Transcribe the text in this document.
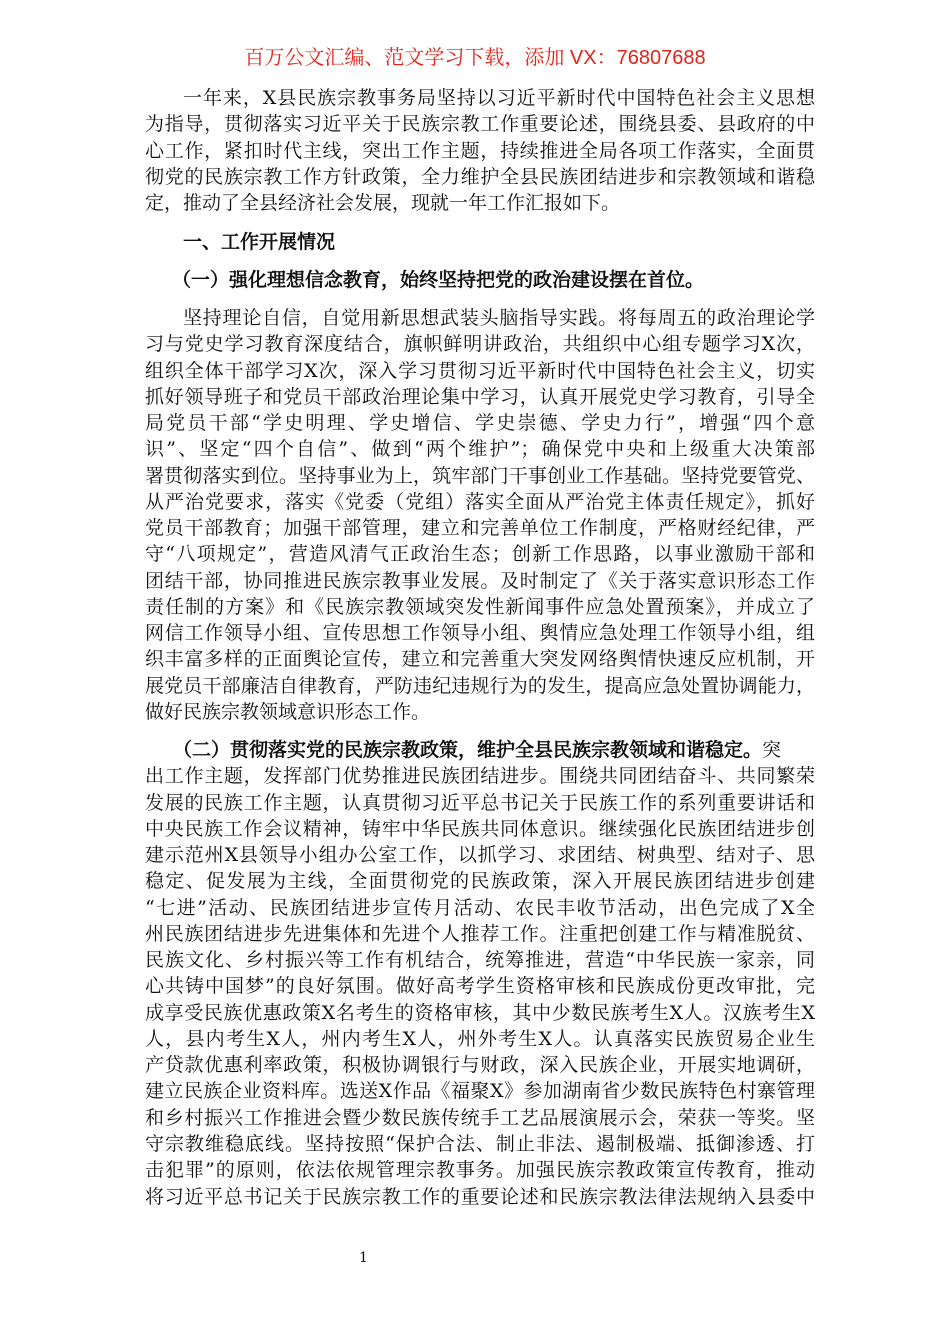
百万公文汇编、范文学习下载，添加 VX：76807688
一年来，X县民族宗教事务局坚持以习近平新时代中国特色社会主义思想
为指导，贯彻落实习近平关于民族宗教工作重要论述，围绕县委、县政府的中
心工作，紧扣时代主线，突出工作主题，持续推进全局各项工作落实，全面贯
彻党的民族宗教工作方针政策，全力维护全县民族团结进步和宗教领域和谐稳
定，推动了全县经济社会发展，现就一年工作汇报如下。
一、工作开展情况
（一）强化理想信念教育，始终坚持把党的政治建设摆在首位。
坚持理论自信，自觉用新思想武装头脑指导实践。将每周五的政治理论学
习与党史学习教育深度结合，旗帜鲜明讲政治，共组织中心组专题学习X次，
组织全体干部学习X次，深入学习贯彻习近平新时代中国特色社会主义，切实
抓好领导班子和党员干部政治理论集中学习，认真开展党史学习教育，引导全
局党员干部“学史明理、学史增信、学史崇德、学史力行”，增强“四个意
识”、坚定“四个自信”、做到“两个维护”；确保党中央和上级重大决策部
署贯彻落实到位。坚持事业为上，筑牢部门干事创业工作基础。坚持党要管党、
从严治党要求，落实《党委（党组）落实全面从严治党主体责任规定》，抓好
党员干部教育；加强干部管理，建立和完善单位工作制度，严格财经纪律，严
守“八项规定”，营造风清气正政治生态；创新工作思路，以事业激励干部和
团结干部，协同推进民族宗教事业发展。及时制定了《关于落实意识形态工作
责任制的方案》和《民族宗教领域突发性新闻事件应急处置预案》，并成立了
网信工作领导小组、宣传思想工作领导小组、舆情应急处理工作领导小组，组
织丰富多样的正面舆论宣传，建立和完善重大突发网络舆情快速反应机制，开
展党员干部廉洁自律教育，严防违纪违规行为的发生，提高应急处置协调能力，
做好民族宗教领域意识形态工作。
（二）贯彻落实党的民族宗教政策，维护全县民族宗教领域和谐稳定。突
出工作主题，发挥部门优势推进民族团结进步。围绕共同团结奋斗、共同繁荣
发展的民族工作主题，认真贯彻习近平总书记关于民族工作的系列重要讲话和
中央民族工作会议精神，铸牢中华民族共同体意识。继续强化民族团结进步创
建示范州X县领导小组办公室工作，以抓学习、求团结、树典型、结对子、思
稳定、促发展为主线，全面贯彻党的民族政策，深入开展民族团结进步创建
“七进”活动、民族团结进步宣传月活动、农民丰收节活动，出色完成了X全
州民族团结进步先进集体和先进个人推荐工作。注重把创建工作与精准脱贫、
民族文化、乡村振兴等工作有机结合，统筹推进，营造“中华民族一家亲，同
心共铸中国梦”的良好氛围。做好高考学生资格审核和民族成份更改审批，完
成享受民族优惠政策X名考生的资格审核，其中少数民族考生X人。汉族考生X
人，县内考生X人，州内考生X人，州外考生X人。认真落实民族贸易企业生
产贷款优惠利率政策，积极协调银行与财政，深入民族企业，开展实地调研，
建立民族企业资料库。选送X作品《福聚X》参加湖南省少数民族特色村寨管理
和乡村振兴工作推进会暨少数民族传统手工艺品展演展示会，荣获一等奖。坚
守宗教维稳底线。坚持按照“保护合法、制止非法、遏制极端、抵御渗透、打
击犯罪”的原则，依法依规管理宗教事务。加强民族宗教政策宣传教育，推动
将习近平总书记关于民族宗教工作的重要论述和民族宗教法律法规纳入县委中
1
